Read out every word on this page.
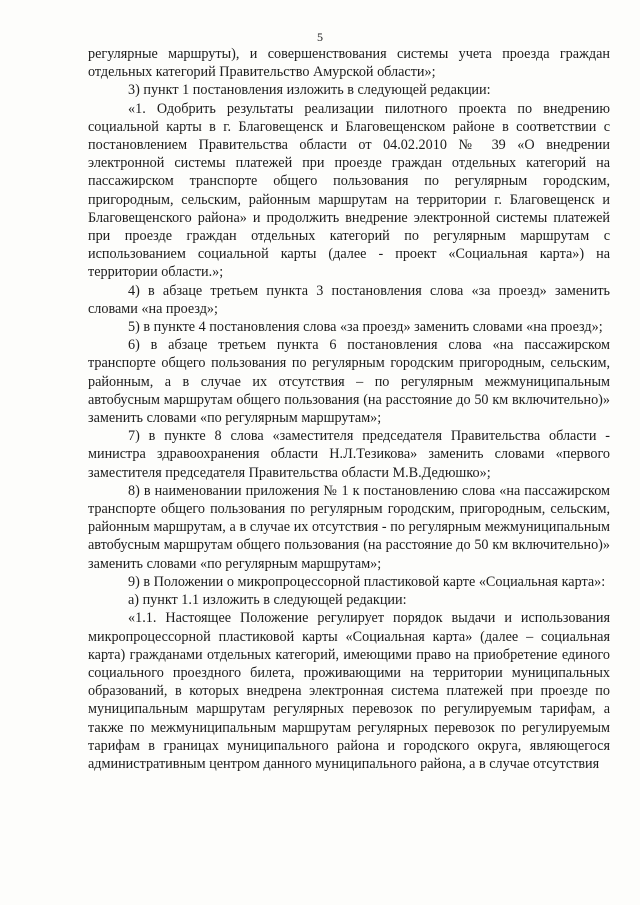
5

регулярные маршруты), и совершенствования системы учета проезда граждан отдельных категорий Правительство Амурской области»;

3) пункт 1 постановления изложить в следующей редакции:

«1. Одобрить результаты реализации пилотного проекта по внедрению социальной карты в г. Благовещенск и Благовещенском районе в соответствии с постановлением Правительства области от 04.02.2010 № 39 «О внедрении электронной системы платежей при проезде граждан отдельных категорий на пассажирском транспорте общего пользования по регулярным городским, пригородным, сельским, районным маршрутам на территории г. Благовещенск и Благовещенского района» и продолжить внедрение электронной системы платежей при проезде граждан отдельных категорий по регулярным маршрутам с использованием социальной карты (далее - проект «Социальная карта») на территории области.»;

4) в абзаце третьем пункта 3 постановления слова «за проезд» заменить словами «на проезд»;

5) в пункте 4 постановления слова «за проезд» заменить словами «на проезд»;

6) в абзаце третьем пункта 6 постановления слова «на пассажирском транспорте общего пользования по регулярным городским пригородным, сельским, районным, а в случае их отсутствия – по регулярным межмуниципальным автобусным маршрутам общего пользования (на расстояние до 50 км включительно)» заменить словами «по регулярным маршрутам»;

7) в пункте 8 слова «заместителя председателя Правительства области - министра здравоохранения области Н.Л.Тезикова» заменить словами «первого заместителя председателя Правительства области М.В.Дедюшко»;

8) в наименовании приложения № 1 к постановлению слова «на пассажирском транспорте общего пользования по регулярным городским, пригородным, сельским, районным маршрутам, а в случае их отсутствия - по регулярным межмуниципальным автобусным маршрутам общего пользования (на расстояние до 50 км включительно)» заменить словами «по регулярным маршрутам»;

9) в Положении о микропроцессорной пластиковой карте «Социальная карта»:

а) пункт 1.1 изложить в следующей редакции:

«1.1. Настоящее Положение регулирует порядок выдачи и использования микропроцессорной пластиковой карты «Социальная карта» (далее – социальная карта) гражданами отдельных категорий, имеющими право на приобретение единого социального проездного билета, проживающими на территории муниципальных образований, в которых внедрена электронная система платежей при проезде по муниципальным маршрутам регулярных перевозок по регулируемым тарифам, а также по межмуниципальным маршрутам регулярных перевозок по регулируемым тарифам в границах муниципального района и городского округа, являющегося административным центром данного муниципального района, а в случае отсутствия
